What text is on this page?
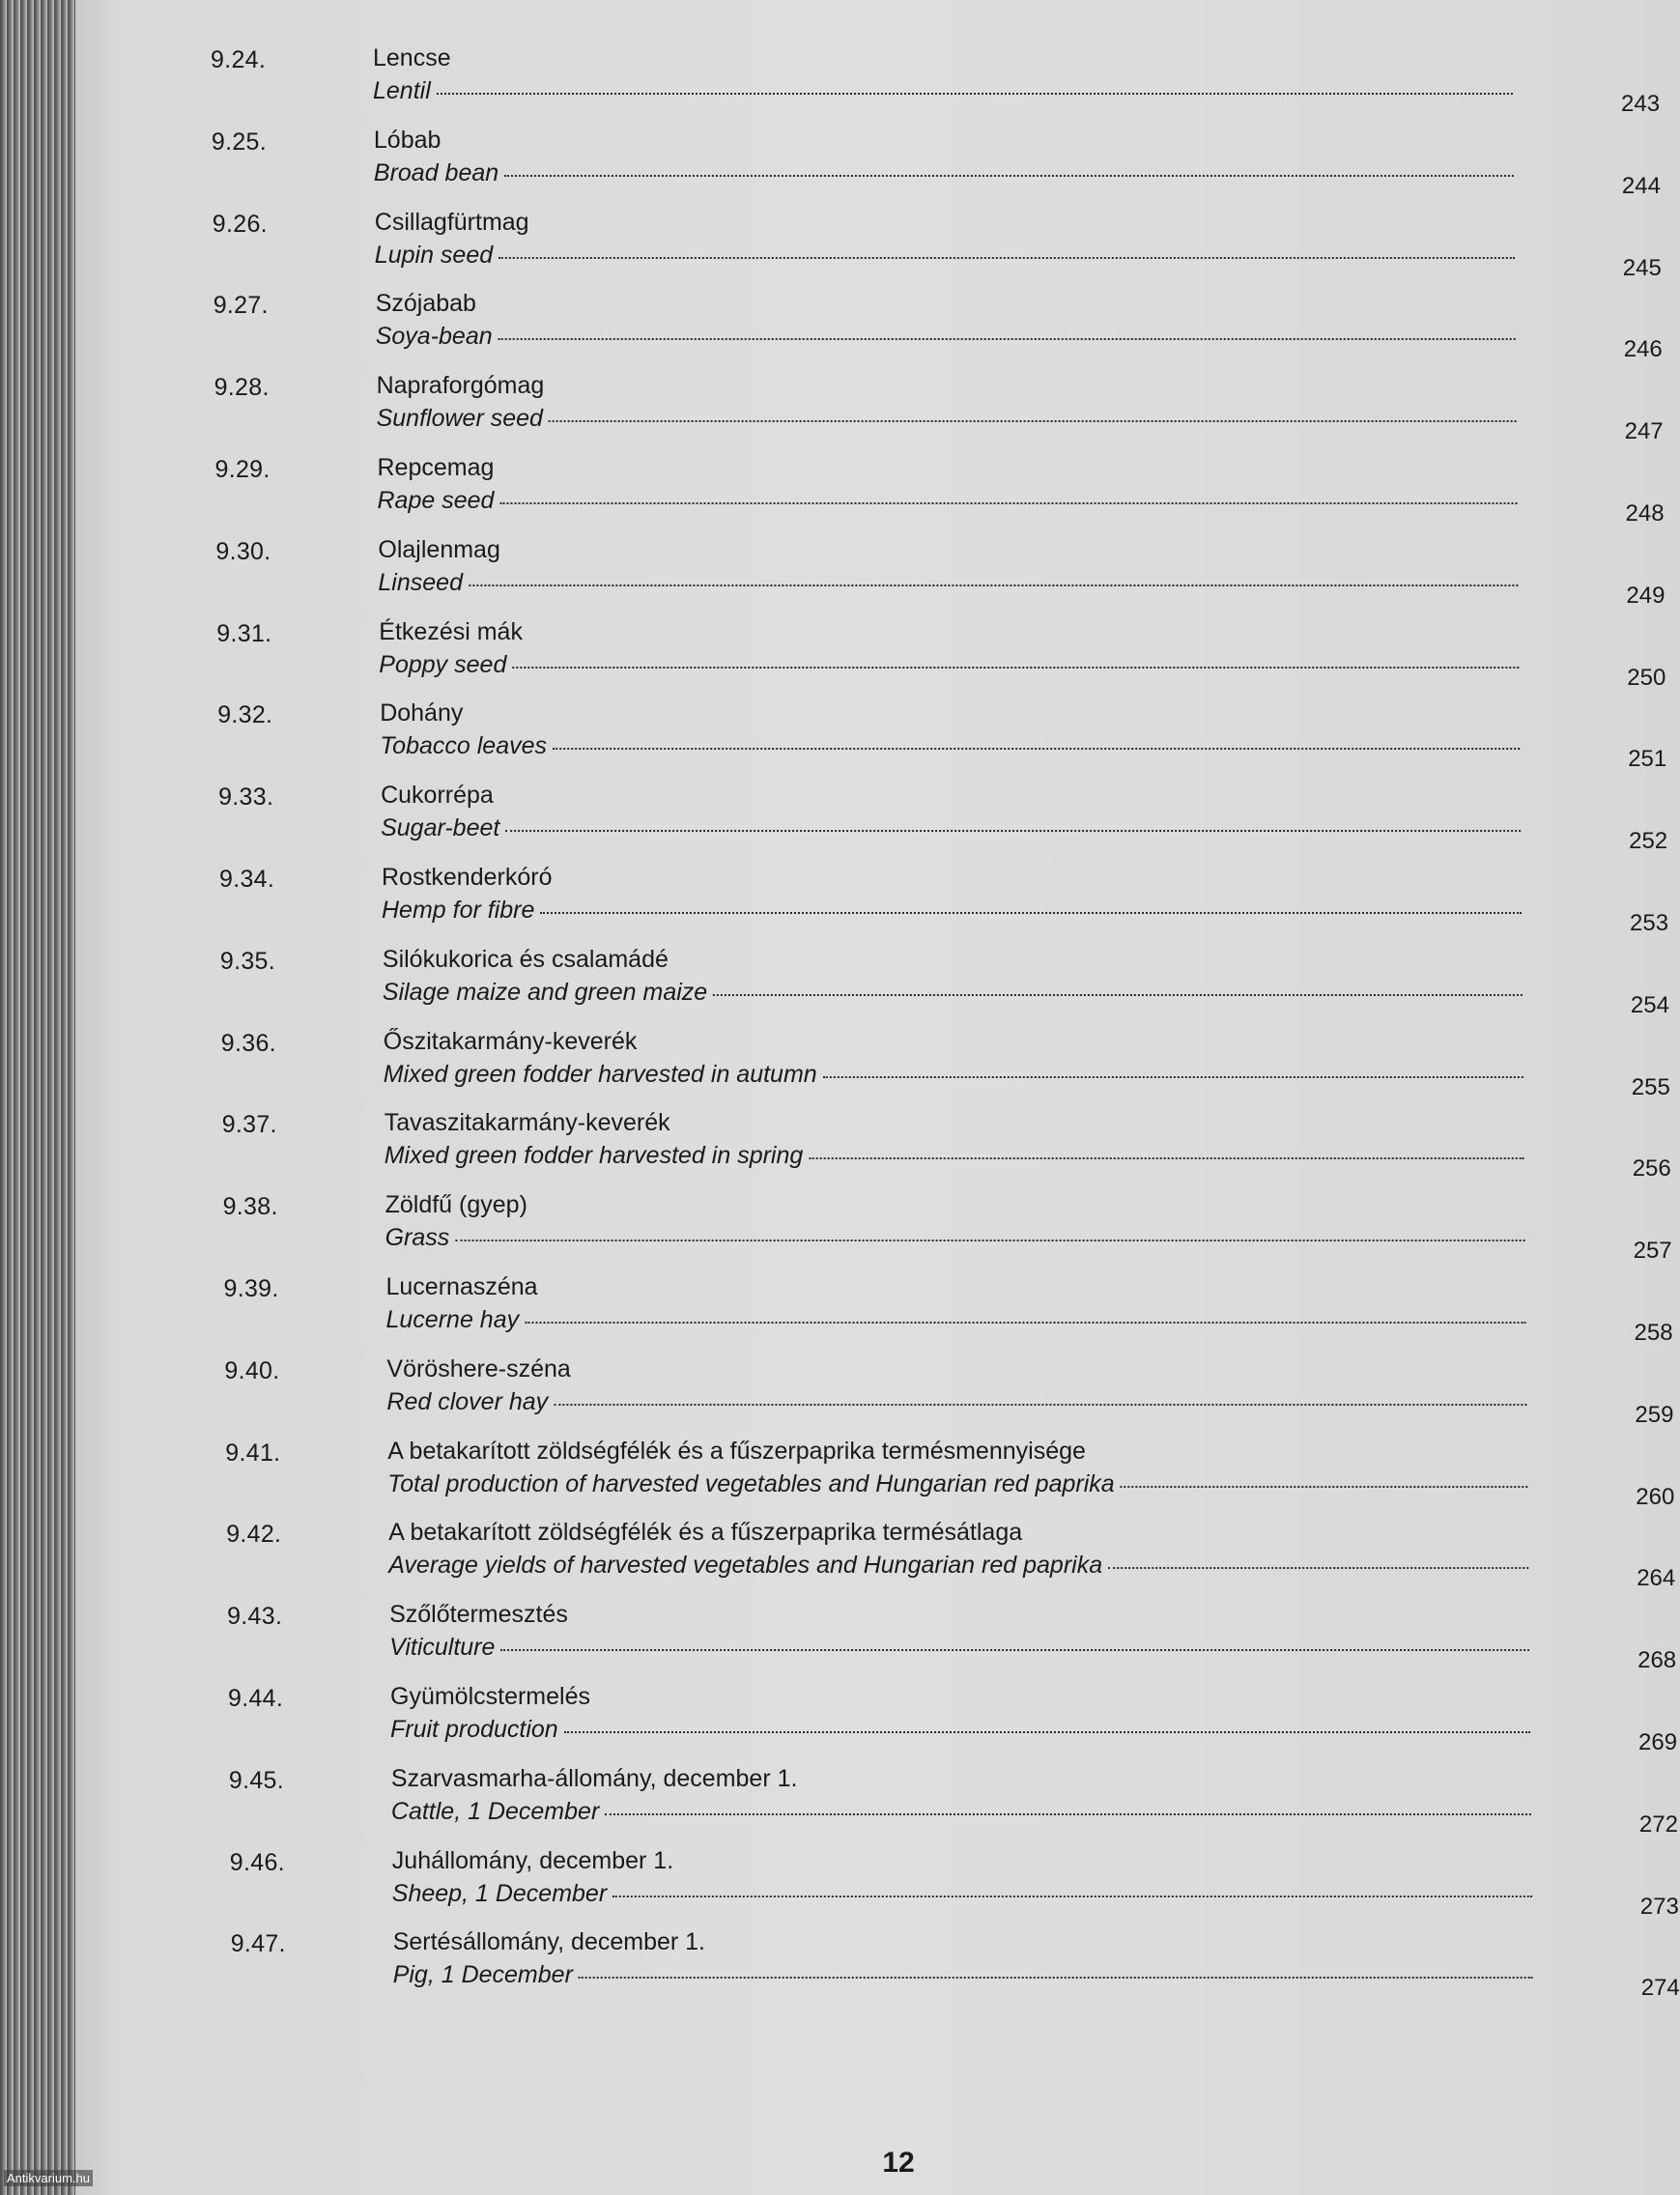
9.24.	Lencse
Lentil	243
9.25.	Lóbab
Broad bean	244
9.26.	Csillagfürtmag
Lupin seed	245
9.27.	Szójabab
Soya-bean	246
9.28.	Napraforgómag
Sunflower seed	247
9.29.	Repcemag
Rape seed	248
9.30.	Olajlenmag
Linseed	249
9.31.	Étkezési mák
Poppy seed	250
9.32.	Dohány
Tobacco leaves	251
9.33.	Cukorrépa
Sugar-beet	252
9.34.	Rostkenderkóró
Hemp for fibre	253
9.35.	Silókukorica és csalamádé
Silage maize and green maize	254
9.36.	Őszitakarmány-keverék
Mixed green fodder harvested in autumn	255
9.37.	Tavaszitakarmány-keverék
Mixed green fodder harvested in spring	256
9.38.	Zöldfű (gyep)
Grass	257
9.39.	Lucernaszéna
Lucerne hay	258
9.40.	Vöröshere-széna
Red clover hay	259
9.41.	A betakarított zöldségfélék és a fűszerpaprika termésmennyisége
Total production of harvested vegetables and Hungarian red paprika	260
9.42.	A betakarított zöldségfélék és a fűszerpaprika termésátlaga
Average yields of harvested vegetables and Hungarian red paprika	264
9.43.	Szőlőtermesztés
Viticulture	268
9.44.	Gyümölcstermelés
Fruit production	269
9.45.	Szarvasmarha-állomány, december 1.
Cattle, 1 December	272
9.46.	Juhállomány, december 1.
Sheep, 1 December	273
9.47.	Sertésállomány, december 1.
Pig, 1 December	274
12
Antikvarium.hu
